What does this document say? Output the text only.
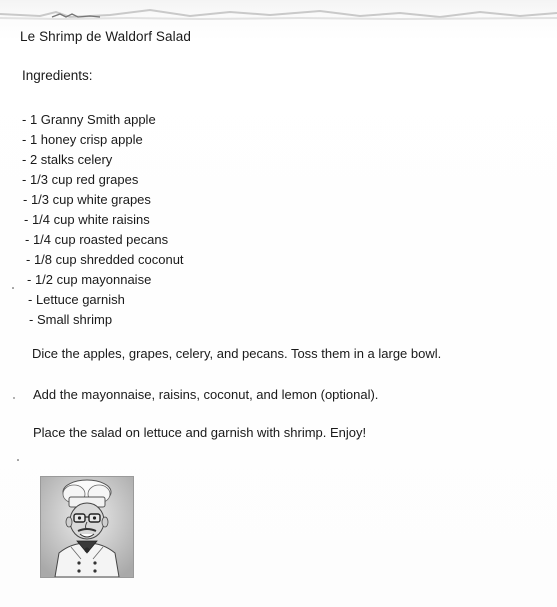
Le Shrimp de Waldorf Salad
Ingredients:
- 1 Granny Smith apple
- 1 honey crisp apple
- 2 stalks celery
- 1/3 cup red grapes
- 1/3 cup white grapes
- 1/4 cup white raisins
- 1/4 cup roasted pecans
- 1/8 cup shredded coconut
- 1/2 cup mayonnaise
- Lettuce garnish
- Small shrimp
Dice the apples, grapes, celery, and pecans. Toss them in a large bowl.
Add the mayonnaise, raisins, coconut, and lemon (optional).
Place the salad on lettuce and garnish with shrimp. Enjoy!
